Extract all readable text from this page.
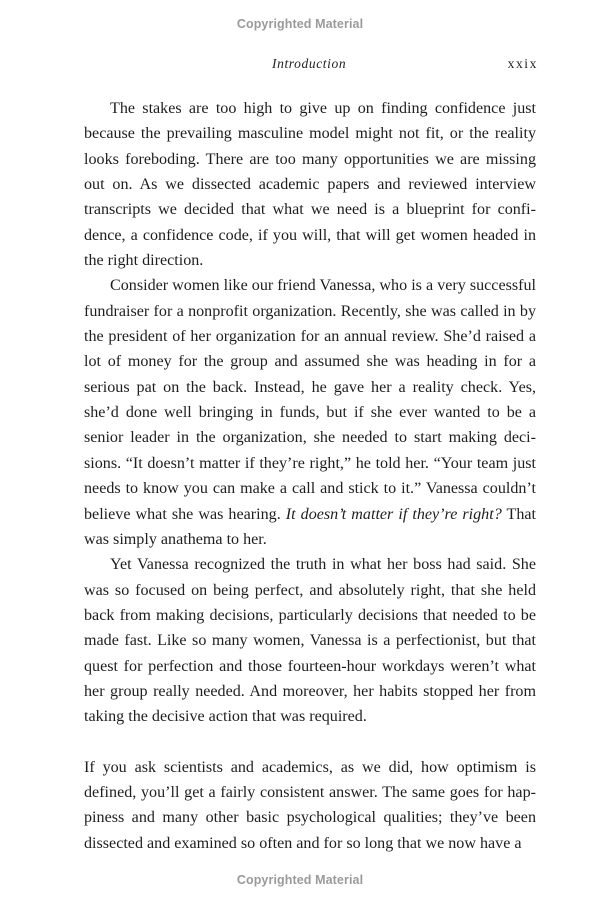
Copyrighted Material
Introduction	xxix

The stakes are too high to give up on finding confidence just because the prevailing masculine model might not fit, or the reality looks foreboding. There are too many opportunities we are missing out on. As we dissected academic papers and reviewed interview transcripts we decided that what we need is a blueprint for confidence, a confidence code, if you will, that will get women headed in the right direction.

Consider women like our friend Vanessa, who is a very successful fundraiser for a nonprofit organization. Recently, she was called in by the president of her organization for an annual review. She’d raised a lot of money for the group and assumed she was heading in for a serious pat on the back. Instead, he gave her a reality check. Yes, she’d done well bringing in funds, but if she ever wanted to be a senior leader in the organization, she needed to start making decisions. “It doesn’t matter if they’re right,” he told her. “Your team just needs to know you can make a call and stick to it.” Vanessa couldn’t believe what she was hearing. It doesn’t matter if they’re right? That was simply anathema to her.

Yet Vanessa recognized the truth in what her boss had said. She was so focused on being perfect, and absolutely right, that she held back from making decisions, particularly decisions that needed to be made fast. Like so many women, Vanessa is a perfectionist, but that quest for perfection and those fourteen-hour workdays weren’t what her group really needed. And moreover, her habits stopped her from taking the decisive action that was required.

If you ask scientists and academics, as we did, how optimism is defined, you’ll get a fairly consistent answer. The same goes for happiness and many other basic psychological qualities; they’ve been dissected and examined so often and for so long that we now have a

Copyrighted Material
